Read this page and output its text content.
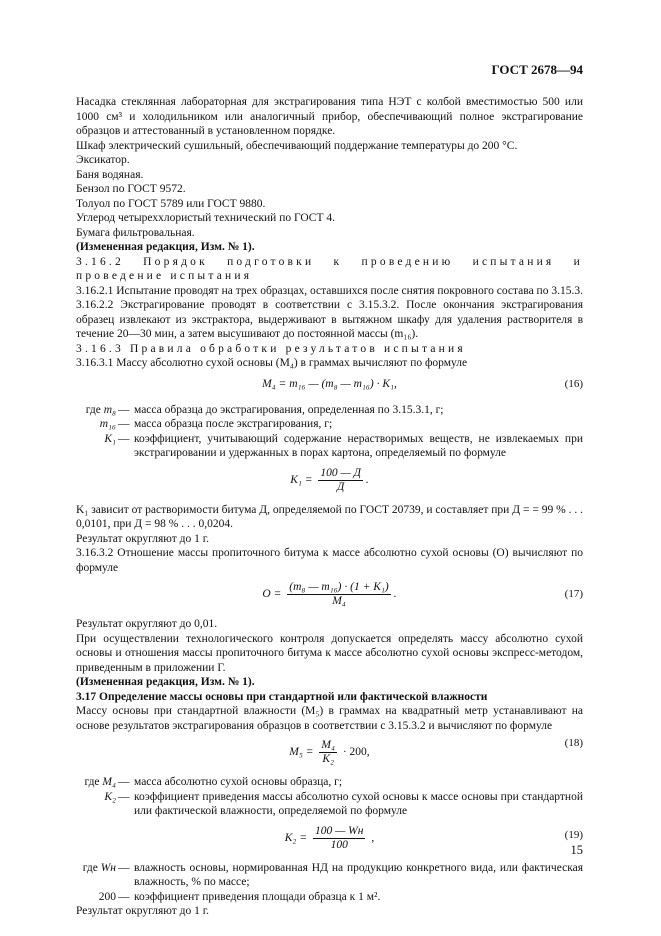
ГОСТ 2678—94

Насадка стеклянная лабораторная для экстрагирования типа НЭТ с колбой вместимостью 500 или 1000 см³ и холодильником или аналогичный прибор, обеспечивающий полное экстрагирование образцов и аттестованный в установленном порядке.

Шкаф электрический сушильный, обеспечивающий поддержание температуры до 200 °С.

Эксикатор.

Баня водяная.

Бензол по ГОСТ 9572.

Толуол по ГОСТ 5789 или ГОСТ 9880.

Углерод четыреххлористый технический по ГОСТ 4.

Бумага фильтровальная.

(Измененная редакция, Изм. № 1).

3.16.2 Порядок подготовки к проведению испытания и проведение испытания

3.16.2.1 Испытание проводят на трех образцах, оставшихся после снятия покровного состава по 3.15.3.

3.16.2.2 Экстрагирование проводят в соответствии с 3.15.3.2. После окончания экстрагирования образец извлекают из экстрактора, выдерживают в вытяжном шкафу для удаления растворителя в течение 20—30 мин, а затем высушивают до постоянной массы (m₁₆).

3.16.3 Правила обработки результатов испытания

3.16.3.1 Массу абсолютно сухой основы (M₄) в граммах вычисляют по формуле

M₄ = m₁₆ — (m₈ — m₁₆) · K₁,	(16)
где m₈ — масса образца до экстрагирования, определенная по 3.15.3.1, г;
m₁₆ — масса образца после экстрагирования, г;
K₁ — коэффициент, учитывающий содержание нерастворимых веществ, не извлекаемых при экстрагировании и удержанных в порах картона, определяемый по формуле
$K_1 = \frac{100 — Д}{Д}$ .

K₁ зависит от растворимости битума Д, определяемой по ГОСТ 20739, и составляет при Д = = 99 % . . . 0,0101, при Д = 98 % . . . 0,0204.

Результат округляют до 1 г.

3.16.3.2 Отношение массы пропиточного битума к массе абсолютно сухой основы (О) вычисляют по формуле

$О = \frac{\text{(m₈ — m₁₆) · (1 + K₁)}}{\text{M₄}}$ .	(17)

Результат округляют до 0,01.

При осуществлении технологического контроля допускается определять массу абсолютно сухой основы и отношения массы пропиточного битума к массе абсолютно сухой основы экспресс-методом, приведенным в приложении Г.

(Измененная редакция, Изм. № 1).

3.17 Определение массы основы при стандартной или фактической влажности

Массу основы при стандартной влажности (M₅) в граммах на квадратный метр устанавливают на основе результатов экстрагирования образцов в соответствии с 3.15.3.2 и вычисляют по формуле

$M_5 = \frac{\text{M₄}}{\text{K₂}} \cdot 200$,
(18)
где M₄ — масса абсолютно сухой основы образца, г;
K₂ — коэффициент приведения массы абсолютно сухой основы к массе основы при стандартной или фактической влажности, определяемой по формуле
$K_2 = \frac{100 — Wн}{100}$ ,	(19)
где Wн — влажность основы, нормированная НД на продукцию конкретного вида, или фактическая влажность, % по массе;
200 — коэффициент приведения площади образца к 1 м².

Результат округляют до 1 г.

15
